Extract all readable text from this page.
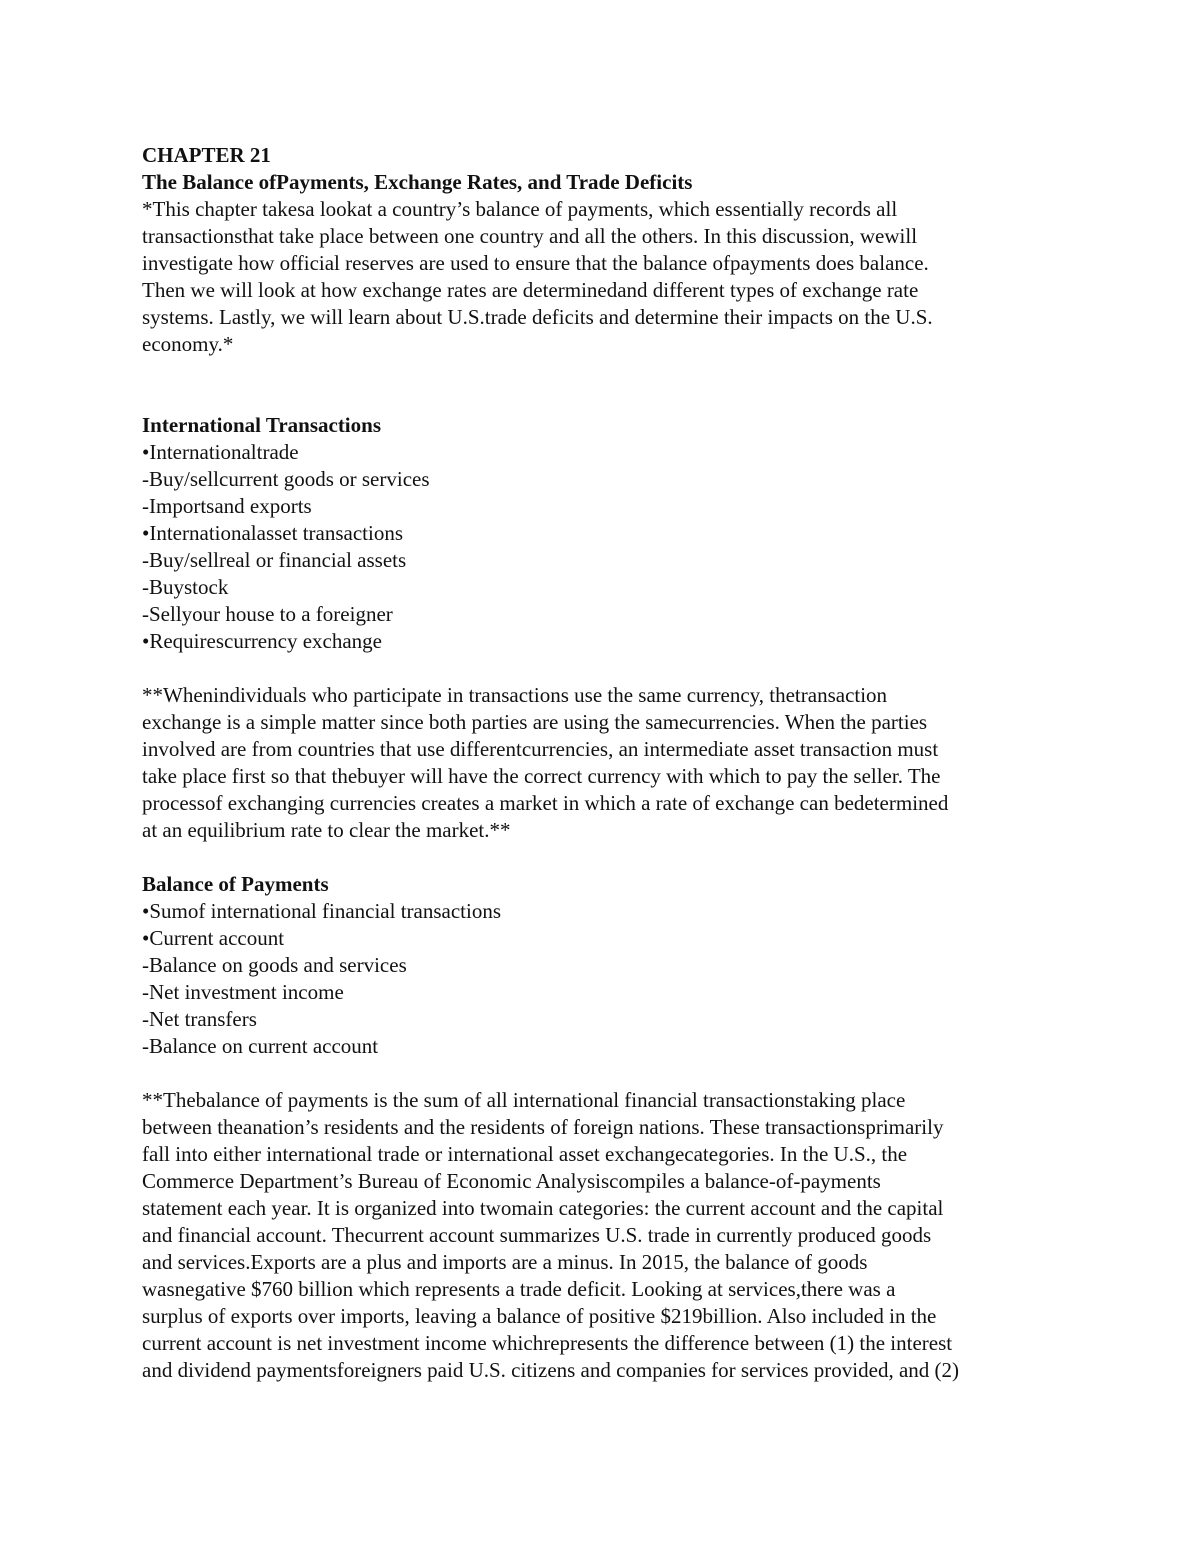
CHAPTER 21
The Balance ofPayments, Exchange Rates, and Trade Deficits
*This chapter takesa lookat a country’s balance of payments, which essentially records all
transactionsthat take place between one country and all the others. In this discussion, wewill
investigate how official reserves are used to ensure that the balance ofpayments does balance.
Then we will look at how exchange rates are determinedand different types of exchange rate
systems. Lastly, we will learn about U.S.trade deficits and determine their impacts on the U.S.
economy.*
International Transactions
•Internationaltrade
-Buy/sellcurrent goods or services
-Importsand exports
•Internationalasset transactions
-Buy/sellreal or financial assets
-Buystock
-Sellyour house to a foreigner
•Requirescurrency exchange
**Whenindividuals who participate in transactions use the same currency, thetransaction
exchange is a simple matter since both parties are using the samecurrencies. When the parties
involved are from countries that use differentcurrencies, an intermediate asset transaction must
take place first so that thebuyer will have the correct currency with which to pay the seller. The
processof exchanging currencies creates a market in which a rate of exchange can bedetermined
at an equilibrium rate to clear the market.**
Balance of Payments
•Sumof international financial transactions
•Current account
-Balance on goods and services
-Net investment income
-Net transfers
-Balance on current account
**Thebalance of payments is the sum of all international financial transactionstaking place
between theanation’s residents and the residents of foreign nations. These transactionsprimarily
fall into either international trade or international asset exchangecategories. In the U.S., the
Commerce Department’s Bureau of Economic Analysiscompiles a balance-of-payments
statement each year. It is organized into twomain categories: the current account and the capital
and financial account. Thecurrent account summarizes U.S. trade in currently produced goods
and services.Exports are a plus and imports are a minus. In 2015, the balance of goods
wasnegative $760 billion which represents a trade deficit. Looking at services,there was a
surplus of exports over imports, leaving a balance of positive $219billion. Also included in the
current account is net investment income whichrepresents the difference between (1) the interest
and dividend paymentsforeigners paid U.S. citizens and companies for services provided, and (2)
